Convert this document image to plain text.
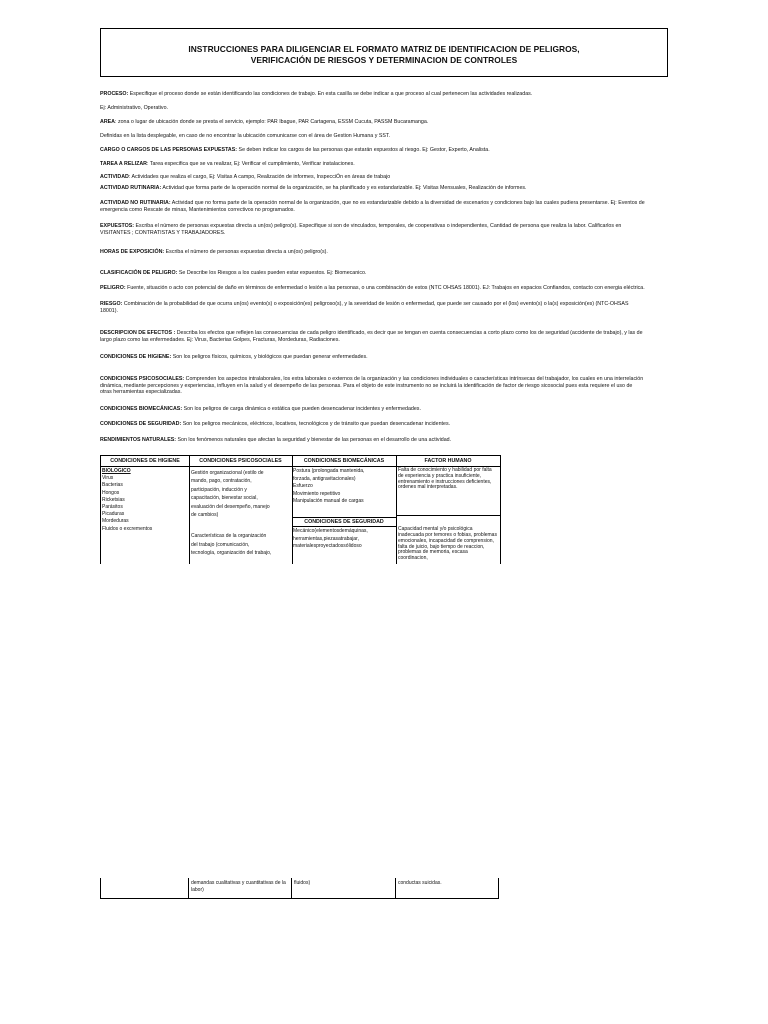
INSTRUCCIONES PARA DILIGENCIAR EL FORMATO MATRIZ DE IDENTIFICACION DE PELIGROS,
VERIFICACIÓN DE RIESGOS Y DETERMINACION DE CONTROLES
PROCESO: Especifique el proceso donde se están identificando las condiciones de trabajo. En esta casilla se debe indicar a que proceso al cual pertenecen las actividades realizadas.
Ej: Administrativo, Operativo.
AREA: zona o lugar de ubicación donde se presta el servicio, ejemplo: PAR Ibague, PAR Cartagena, ESSM Cucuta, PASSM Bucaramanga.
Definidas en la lista desplegable, en caso de no encontrar la ubicación comunicarse con el área de Gestion Humana y SST.
CARGO O CARGOS DE LAS PERSONAS EXPUESTAS: Se deben indicar los cargos de las personas que estarán expuestos al riesgo. Ej: Gestor, Experto, Analista.
TAREA A RELIZAR: Tarea especifica que se va realizar, Ej: Verificar el cumplimiento, Verificar instalaciones.
ACTIVIDAD: Actividades que realiza el cargo, Ej: Visitas A campo, Realización de informes, InspecciÓn en áreas de trabajo
ACTIVIDAD RUTINARIA: Actividad que forma parte de la operación normal de la organización, se ha planificado y es estandarizable. Ej: Visitas Mensuales, Realización de informes.
ACTIVIDAD NO RUTINARIA: Actividad que no forma parte de la operación normal de la organización, que no es estandarizable debido a la diversidad de escenarios y condiciones bajo las cuales pudiera presentarse. Ej: Eventos de emergencia como Rescate de minas, Mantenimientos correctivos no programados.
EXPUESTOS: Escriba el número de personas expuestas directa a un(os) peligro(s). Especifique si son de vinculados, temporales, de cooperativas o independientes, Cantidad de persona que realiza la labor. Calificarlos en VISITANTES ; CONTRATISTAS Y TRABAJADORES.
HORAS DE EXPOSICIÓN: Escriba el número de personas expuestas directa a un(os) peligro(s).
CLASIFICACIÓN DE PELIGRO: Se Describe los Riesgos a los cuales pueden estar expuestos. Ej: Biomecanico.
PELIGRO: Fuente, situación o acto con potencial de daño en términos de enfermedad o lesión a las personas, o una combinación de estos (NTC OHSAS 18001). EJ: Trabajos en espacios Confiandos, contacto con energia eléctrica.
RIESGO: Combinación de la probabilidad de que ocurra un(os) evento(s) o exposición(es) peligroso(s), y la severidad de lesión o enfermedad, que puede ser causado por el (los) evento(s) o la(s) exposición(es) (NTC-OHSAS 18001).
DESCRIPCION DE EFECTOS : Describa los efectos que reflejen las consecuencias de cada peligro identificado, es decir que se tengan en cuenta consecuencias a corto plazo como los de seguridad (accidente de trabajo), y las de largo plazo como las enfermedades. Ej: Virus, Bacterias Golpes, Fracturas, Mordeduras, Radiaciones.
CONDICIONES DE HIGIENE: Son los peligros físicos, químicos, y biológicos que puedan generar enfermedades.
CONDICIONES PSICOSOCIALES: Comprenden los aspectos intralaborales, los extra laborales o externos de la organización y las condiciones individuales o características intrínsecas del trabajador, los cuales en una interrelación dinámica, mediante percepciones y experiencias, influyen en la salud y el desempeño de las personas. Para el objeto de este instrumento no se incluirá la identificación de factor de riesgo sicosocial pues esta requiere el uso de otras herramientas especializadas.
CONDICIONES BIOMECÁNICAS: Son los peligros de carga dinámica o estática que pueden desencadenar incidentes y enfermedades.
CONDICIONES DE SEGURIDAD: Son los peligros mecánicos, eléctricos, locativos, tecnológicos y de tránsito que puedan desencadenar incidentes.
RENDIMIENTOS NATURALES: Son los fenómenos naturales que afectan la seguridad y bienestar de las personas en el desarrollo de una actividad.
CONDICIONES DE HIGIENE
BIOLOGICO
Virus
Bacterias
Hongos
Ricketsias
Parásitos
Picaduras
Mordeduras
Fluidos o excrementos
CONDICIONES PSICOSOCIALES
Gestión organizacional (estilo de
mando, pago, contratación,
participación, inducción y
capacitación, bienestar social,
evaluación del desempeño, manejo
de cambios)
Características de la organización
del trabajo (comunicación,
tecnología, organización del trabajo,
CONDICIONES BIOMECÁNICAS
Postura (prolongada mantenida,
forzada, antigravitacionales)
Esfuerzo
Movimiento repetitivo
Manipulación manual de cargas
CONDICIONES DE SEGURIDAD
Mecánico(elementosdemáquinas,
herramientas,piezasatrabajar,
materialesproyectadossólidoso
FACTOR HUMANO
Falta de conocimiento y habilidad por falta de experiencia y practica insuficiente, entrenamiento e instrucciones deficientes, ordenes mal interpretadas.
Capacidad mental y/o psicológica inadecuada por temores o fobias, problemas emocionales, incapacidad de comprension, falta de juicio, bajo tiempo de reaccion, problemas de memoria, escasa coordinacion,
demandas cualitativas y cuantitativas de la labor)
fluidos)	conductas suicidas.
